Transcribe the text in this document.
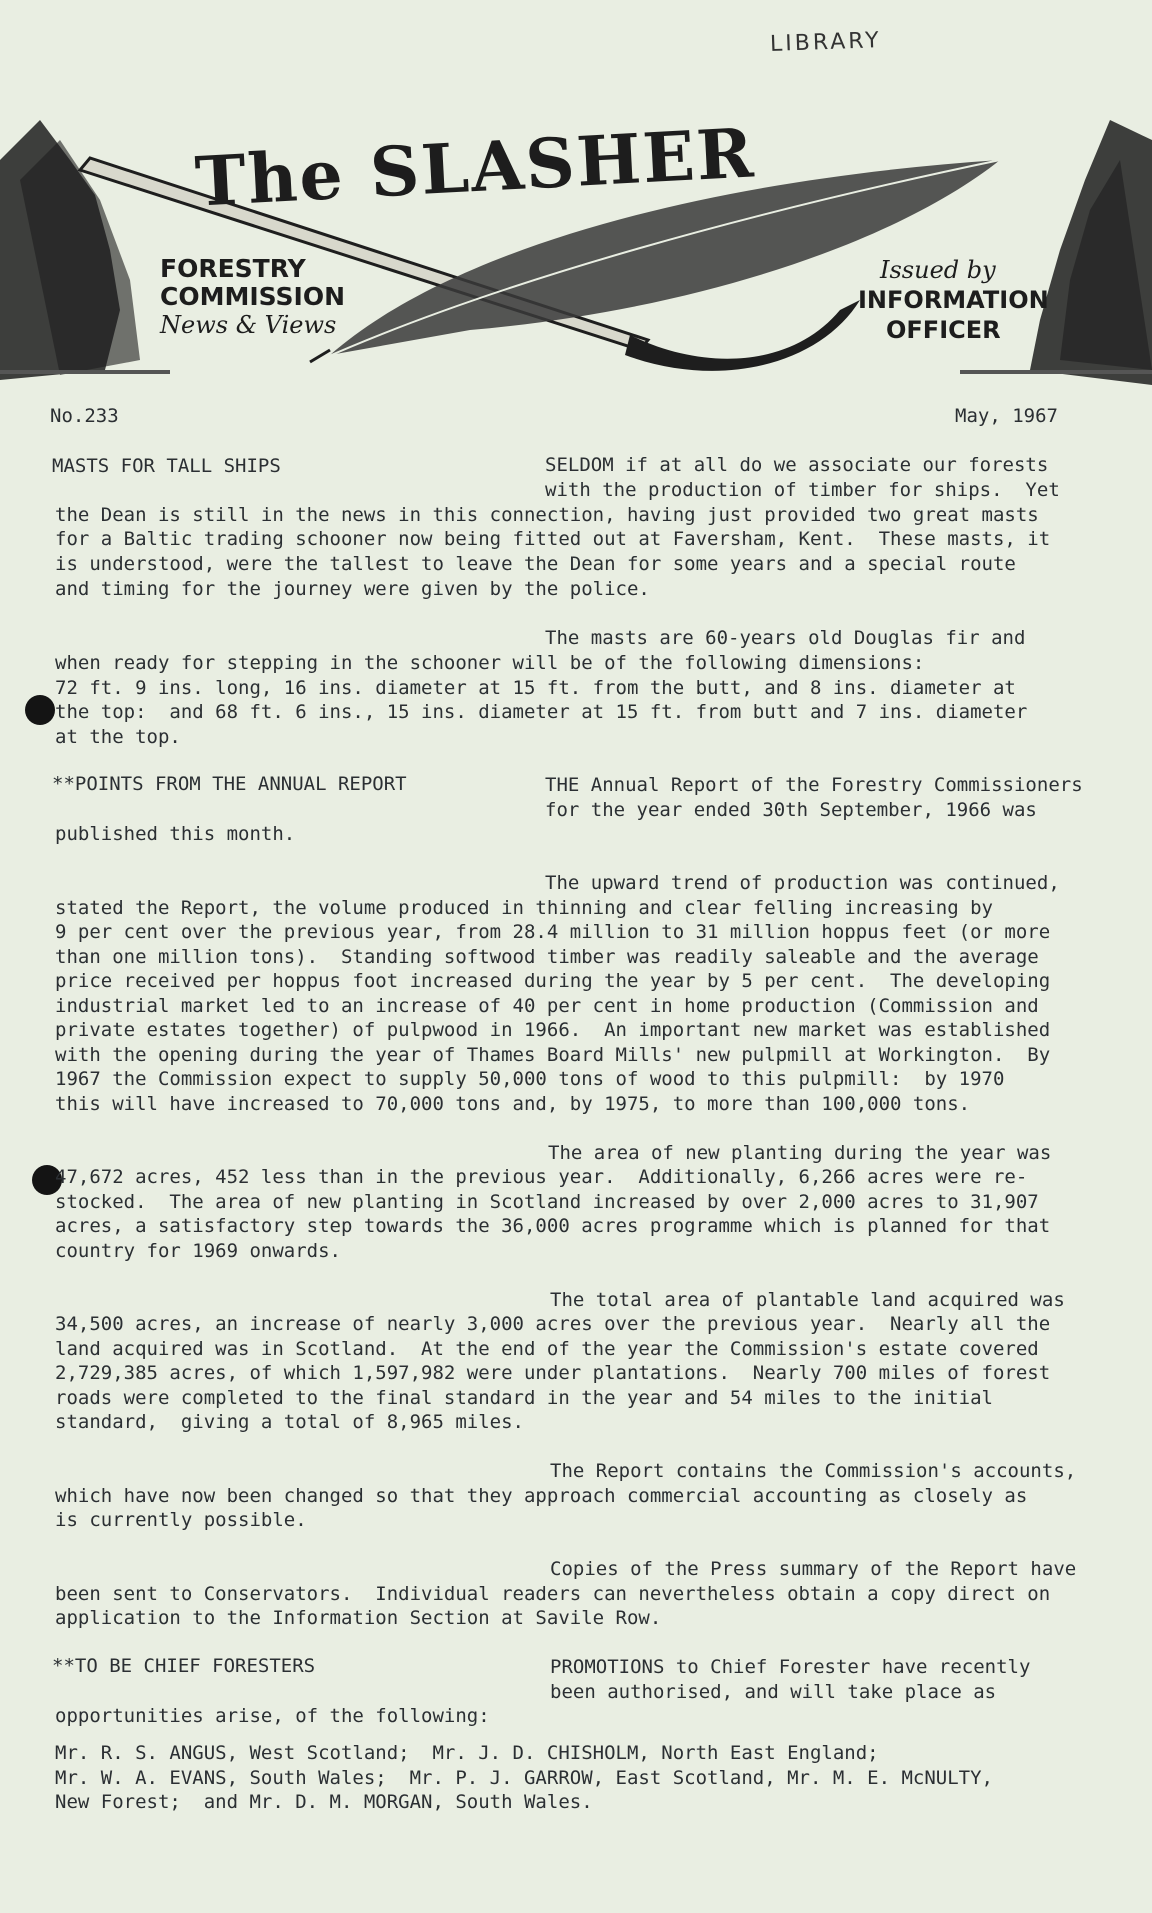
LIBRARY
The SLASHER
FORESTRY
COMMISSION
News & Views
Issued by
INFORMATION
OFFICER
No.233	May, 1967
MASTS FOR TALL SHIPS	SELDOM if at all do we associate our forests
with the production of timber for ships.  Yet
the Dean is still in the news in this connection, having just provided two great masts
for a Baltic trading schooner now being fitted out at Faversham, Kent.  These masts, it
is understood, were the tallest to leave the Dean for some years and a special route
and timing for the journey were given by the police.
The masts are 60-years old Douglas fir and
when ready for stepping in the schooner will be of the following dimensions:
72 ft. 9 ins. long, 16 ins. diameter at 15 ft. from the butt, and 8 ins. diameter at
the top:  and 68 ft. 6 ins., 15 ins. diameter at 15 ft. from butt and 7 ins. diameter
at the top.
**POINTS FROM THE ANNUAL REPORT	THE Annual Report of the Forestry Commissioners
for the year ended 30th September, 1966 was
published this month.
The upward trend of production was continued,
stated the Report, the volume produced in thinning and clear felling increasing by
9 per cent over the previous year, from 28.4 million to 31 million hoppus feet (or more
than one million tons).  Standing softwood timber was readily saleable and the average
price received per hoppus foot increased during the year by 5 per cent.  The developing
industrial market led to an increase of 40 per cent in home production (Commission and
private estates together) of pulpwood in 1966.  An important new market was established
with the opening during the year of Thames Board Mills' new pulpmill at Workington.  By
1967 the Commission expect to supply 50,000 tons of wood to this pulpmill:  by 1970
this will have increased to 70,000 tons and, by 1975, to more than 100,000 tons.
The area of new planting during the year was
47,672 acres, 452 less than in the previous year.  Additionally, 6,266 acres were re-
stocked.  The area of new planting in Scotland increased by over 2,000 acres to 31,907
acres, a satisfactory step towards the 36,000 acres programme which is planned for that
country for 1969 onwards.
The total area of plantable land acquired was
34,500 acres, an increase of nearly 3,000 acres over the previous year.  Nearly all the
land acquired was in Scotland.  At the end of the year the Commission's estate covered
2,729,385 acres, of which 1,597,982 were under plantations.  Nearly 700 miles of forest
roads were completed to the final standard in the year and 54 miles to the initial
standard,  giving a total of 8,965 miles.
The Report contains the Commission's accounts,
which have now been changed so that they approach commercial accounting as closely as
is currently possible.
Copies of the Press summary of the Report have
been sent to Conservators.  Individual readers can nevertheless obtain a copy direct on
application to the Information Section at Savile Row.
**TO BE CHIEF FORESTERS	PROMOTIONS to Chief Forester have recently
been authorised, and will take place as
opportunities arise, of the following:
Mr. R. S. ANGUS, West Scotland;  Mr. J. D. CHISHOLM, North East England;
Mr. W. A. EVANS, South Wales;  Mr. P. J. GARROW, East Scotland, Mr. M. E. McNULTY,
New Forest;  and Mr. D. M. MORGAN, South Wales.
